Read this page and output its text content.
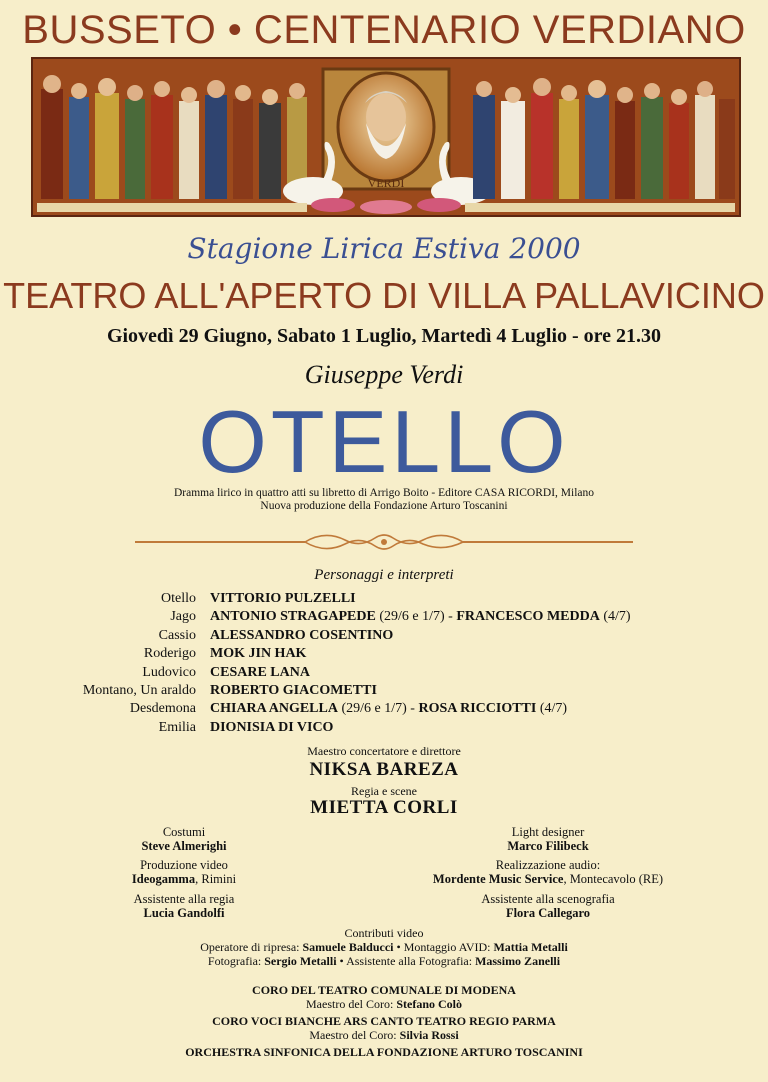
BUSSETO • CENTENARIO VERDIANO
VERDI
Stagione Lirica Estiva 2000
TEATRO ALL'APERTO DI VILLA PALLAVICINO
Giovedì 29 Giugno, Sabato 1 Luglio, Martedì 4 Luglio - ore 21.30
Giuseppe Verdi
OTELLO
Dramma lirico in quattro atti su libretto di Arrigo Boito - Editore CASA RICORDI, Milano
Nuova produzione della Fondazione Arturo Toscanini
Personaggi e interpreti
Otello VITTORIO PULZELLI
Jago ANTONIO STRAGAPEDE (29/6 e 1/7) - FRANCESCO MEDDA (4/7)
Cassio ALESSANDRO COSENTINO
Roderigo MOK JIN HAK
Ludovico CESARE LANA
Montano, Un araldo ROBERTO GIACOMETTI
Desdemona CHIARA ANGELLA (29/6 e 1/7) - ROSA RICCIOTTI (4/7)
Emilia DIONISIA DI VICO
Maestro concertatore e direttore
NIKSA BAREZA
Regia e scene
MIETTA CORLI
Costumi
Steve Almerighi
Produzione video
Ideogamma, Rimini
Assistente alla regia
Lucia Gandolfi
Light designer
Marco Filibeck
Realizzazione audio:
Mordente Music Service, Montecavolo (RE)
Assistente alla scenografia
Flora Callegaro
Contributi video
Operatore di ripresa: Samuele Balducci • Montaggio AVID: Mattia Metalli
Fotografia: Sergio Metalli • Assistente alla Fotografia: Massimo Zanelli
CORO DEL TEATRO COMUNALE DI MODENA
Maestro del Coro: Stefano Colò
CORO VOCI BIANCHE ARS CANTO TEATRO REGIO PARMA
Maestro del Coro: Silvia Rossi
ORCHESTRA SINFONICA DELLA FONDAZIONE ARTURO TOSCANINI
